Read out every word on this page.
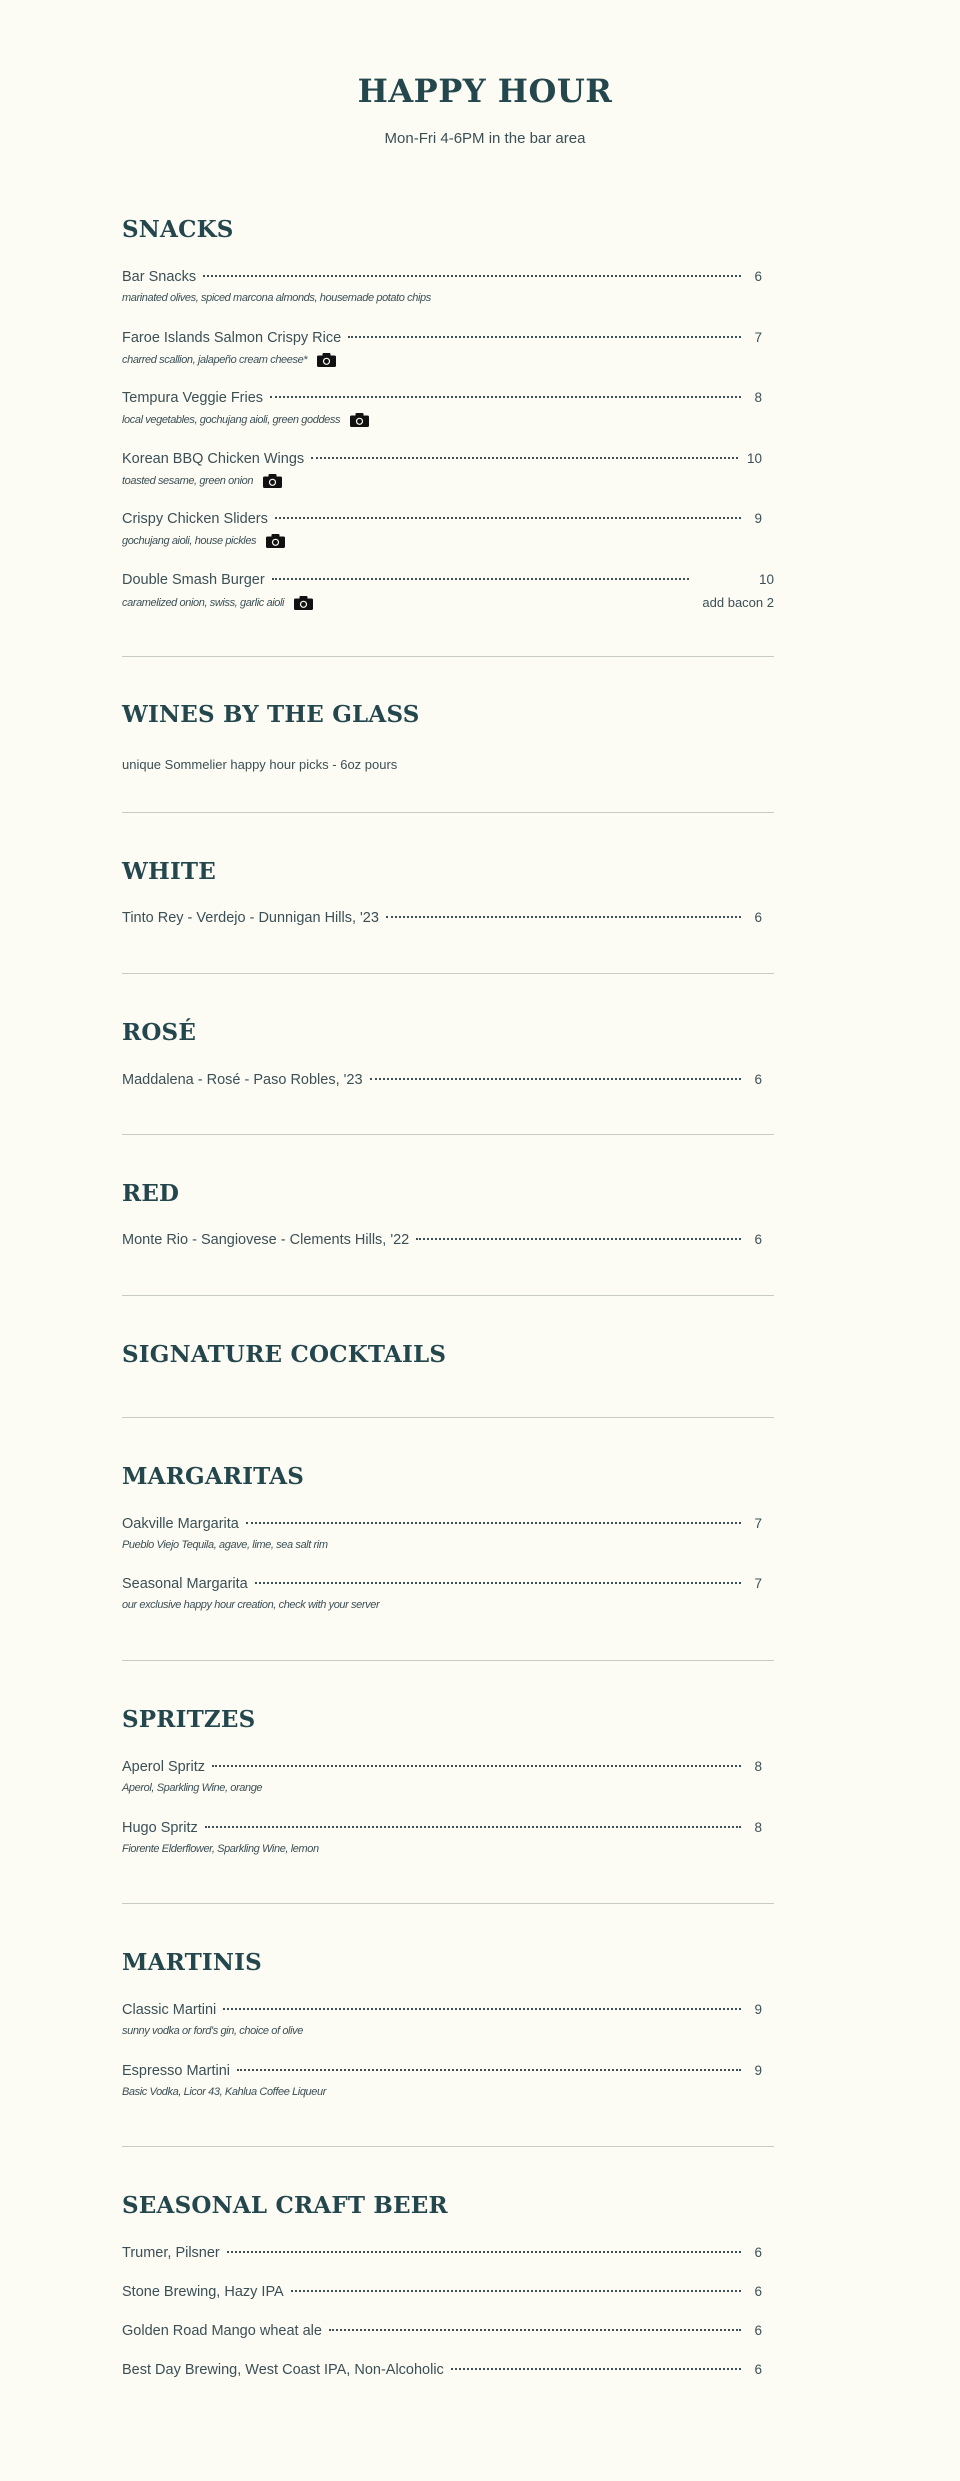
HAPPY HOUR
Mon-Fri 4-6PM in the bar area
SNACKS
Bar Snacks	6
marinated olives, spiced marcona almonds, housemade potato chips
Faroe Islands Salmon Crispy Rice	7
charred scallion, jalapeño cream cheese*
Tempura Veggie Fries	8
local vegetables, gochujang aioli, green goddess
Korean BBQ Chicken Wings	10
toasted sesame, green onion
Crispy Chicken Sliders	9
gochujang aioli, house pickles
Double Smash Burger	10
caramelized onion, swiss, garlic aioli	add bacon 2
WINES BY THE GLASS
unique Sommelier happy hour picks - 6oz pours
WHITE
Tinto Rey - Verdejo - Dunnigan Hills, '23	6
ROSÉ
Maddalena - Rosé - Paso Robles, '23	6
RED
Monte Rio - Sangiovese - Clements Hills, '22	6
SIGNATURE COCKTAILS
MARGARITAS
Oakville Margarita	7
Pueblo Viejo Tequila, agave, lime, sea salt rim
Seasonal Margarita	7
our exclusive happy hour creation, check with your server
SPRITZES
Aperol Spritz	8
Aperol, Sparkling Wine, orange
Hugo Spritz	8
Fiorente Elderflower, Sparkling Wine, lemon
MARTINIS
Classic Martini	9
sunny vodka or ford's gin, choice of olive
Espresso Martini	9
Basic Vodka, Licor 43, Kahlua Coffee Liqueur
SEASONAL CRAFT BEER
Trumer, Pilsner	6
Stone Brewing, Hazy IPA	6
Golden Road Mango wheat ale	6
Best Day Brewing, West Coast IPA, Non-Alcoholic	6
